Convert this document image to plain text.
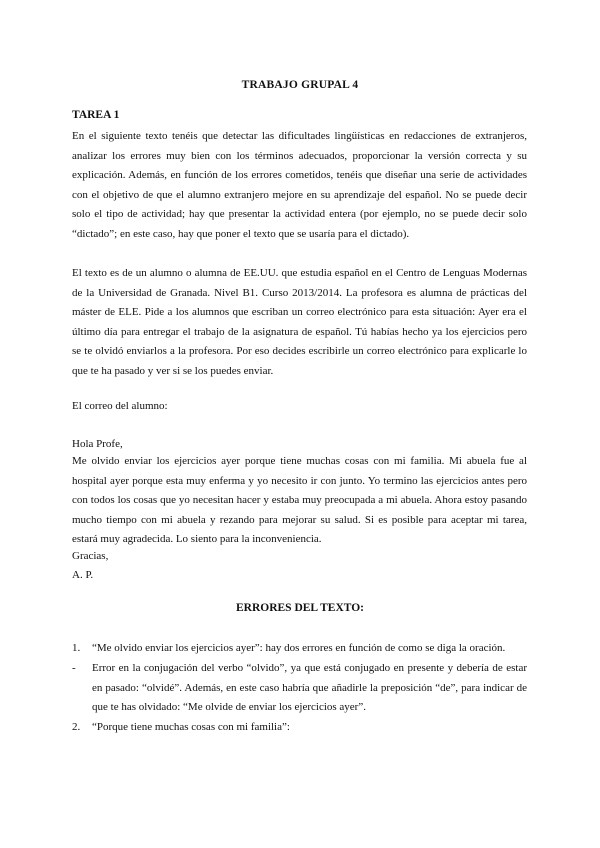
TRABAJO GRUPAL 4
TAREA 1

En el siguiente texto tenéis que detectar las dificultades lingüísticas en redacciones de extranjeros, analizar los errores muy bien con los términos adecuados, proporcionar la versión correcta y su explicación. Además, en función de los errores cometidos, tenéis que diseñar una serie de actividades con el objetivo de que el alumno extranjero mejore en su aprendizaje del español. No se puede decir solo el tipo de actividad; hay que presentar la actividad entera (por ejemplo, no se puede decir solo “dictado”; en este caso, hay que poner el texto que se usaría para el dictado).

El texto es de un alumno o alumna de EE.UU. que estudia español en el Centro de Lenguas Modernas de la Universidad de Granada. Nivel B1. Curso 2013/2014. La profesora es alumna de prácticas del máster de ELE. Pide a los alumnos que escriban un correo electrónico para esta situación: Ayer era el último día para entregar el trabajo de la asignatura de español. Tú habías hecho ya los ejercicios pero se te olvidó enviarlos a la profesora. Por eso decides escribirle un correo electrónico para explicarle lo que te ha pasado y ver si se los puedes enviar.

El correo del alumno:

Hola Profe,

Me olvido enviar los ejercicios ayer porque tiene muchas cosas con mi familia. Mi abuela fue al hospital ayer porque esta muy enferma y yo necesito ir con junto. Yo termino las ejercicios antes pero con todos los cosas que yo necesitan hacer y estaba muy preocupada a mi abuela. Ahora estoy pasando mucho tiempo con mi abuela y rezando para mejorar su salud. Si es posible para aceptar mi tarea, estará muy agradecida. Lo siento para la inconveniencia.

Gracias,

A. P.

ERRORES DEL TEXTO:
1. “Me olvido enviar los ejercicios ayer”: hay dos errores en función de como se diga la oración.

- Error en la conjugación del verbo “olvido”, ya que está conjugado en presente y debería de estar en pasado: “olvidé”. Además, en este caso habría que añadirle la preposición “de”, para indicar de que te has olvidado: “Me olvide de enviar los ejercicios ayer”.

2. “Porque tiene muchas cosas con mi familia”:
